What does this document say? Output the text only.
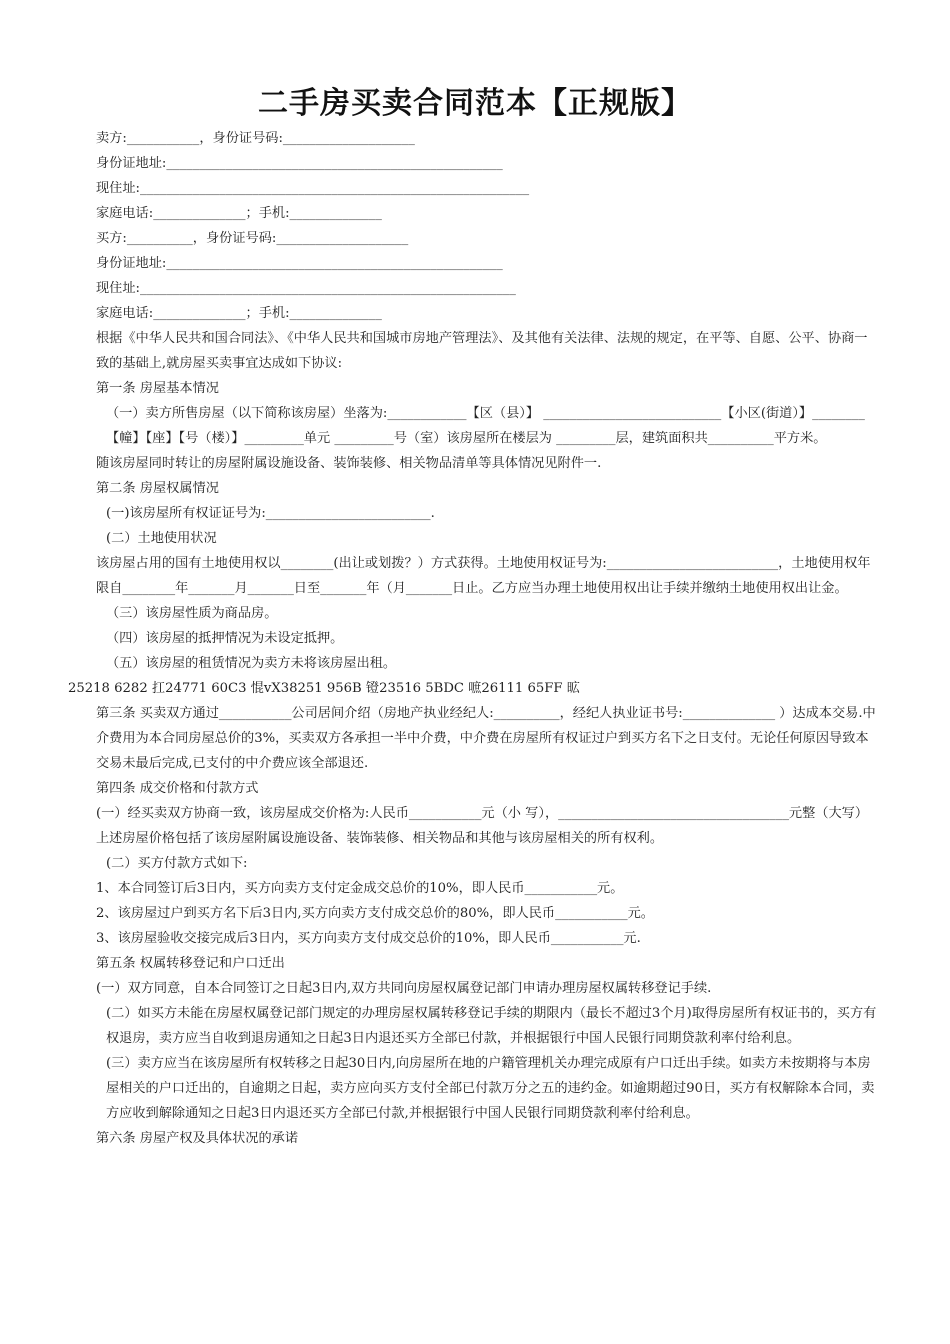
二手房买卖合同范本【正规版】
卖方:___________，身份证号码:____________________
身份证地址:___________________________________________________
现住址:___________________________________________________________
家庭电话:______________；手机:______________
买方:__________，身份证号码:____________________
身份证地址:___________________________________________________
现住址:_________________________________________________________
家庭电话:______________；手机:______________
根据《中华人民共和国合同法》、《中华人民共和国城市房地产管理法》、及其他有关法律、法规的规定，在平等、自愿、公平、协商一致的基础上,就房屋买卖事宜达成如下协议:
第一条 房屋基本情况
（一）卖方所售房屋（以下简称该房屋）坐落为:____________【区（县）】 ___________________________【小区(街道）】________【幢】【座】【号（楼）】_________单元 _________号（室）该房屋所在楼层为 _________层，建筑面积共__________平方米。
随该房屋同时转让的房屋附属设施设备、装饰装修、相关物品清单等具体情况见附件一.
第二条 房屋权属情况
(一)该房屋所有权证证号为:_________________________.
(二）土地使用状况
该房屋占用的国有土地使用权以________(出让或划拨？）方式获得。土地使用权证号为:__________________________，土地使用权年限自________年_______月_______日至_______年（月_______日止。乙方应当办理土地使用权出让手续并缴纳土地使用权出让金。
（三）该房屋性质为商品房。
（四）该房屋的抵押情况为未设定抵押。
（五）该房屋的租赁情况为卖方未将该房屋出租。
25218 6282 扛24771 60C3 惃vX38251 956B 镫23516 5BDC 嗻26111 65FF 昿
第三条 买卖双方通过___________公司居间介绍（房地产执业经纪人:__________，经纪人执业证书号:______________ ）达成本交易.中介费用为本合同房屋总价的3%，买卖双方各承担一半中介费，中介费在房屋所有权证过户到买方名下之日支付。无论任何原因导致本交易未最后完成,已支付的中介费应该全部退还.
第四条 成交价格和付款方式
(一）经买卖双方协商一致，该房屋成交价格为:人民币___________元（小 写），___________________________________元整（大写）
上述房屋价格包括了该房屋附属设施设备、装饰装修、相关物品和其他与该房屋相关的所有权利。
(二）买方付款方式如下:
1、本合同签订后3日内，买方向卖方支付定金成交总价的10%，即人民币___________元。
2、该房屋过户到买方名下后3日内,买方向卖方支付成交总价的80%，即人民币___________元。
3、该房屋验收交接完成后3日内，买方向卖方支付成交总价的10%，即人民币___________元.
第五条 权属转移登记和户口迁出
(一）双方同意，自本合同签订之日起3日内,双方共同向房屋权属登记部门申请办理房屋权属转移登记手续.
(二）如买方未能在房屋权属登记部门规定的办理房屋权属转移登记手续的期限内（最长不超过3个月)取得房屋所有权证书的，买方有权退房，卖方应当自收到退房通知之日起3日内退还买方全部已付款，并根据银行中国人民银行同期贷款利率付给利息。
(三）卖方应当在该房屋所有权转移之日起30日内,向房屋所在地的户籍管理机关办理完成原有户口迁出手续。如卖方未按期将与本房屋相关的户口迁出的，自逾期之日起，卖方应向买方支付全部已付款万分之五的违约金。如逾期超过90日，买方有权解除本合同，卖方应收到解除通知之日起3日内退还买方全部已付款,并根据银行中国人民银行同期贷款利率付给利息。
第六条 房屋产权及具体状况的承诺
